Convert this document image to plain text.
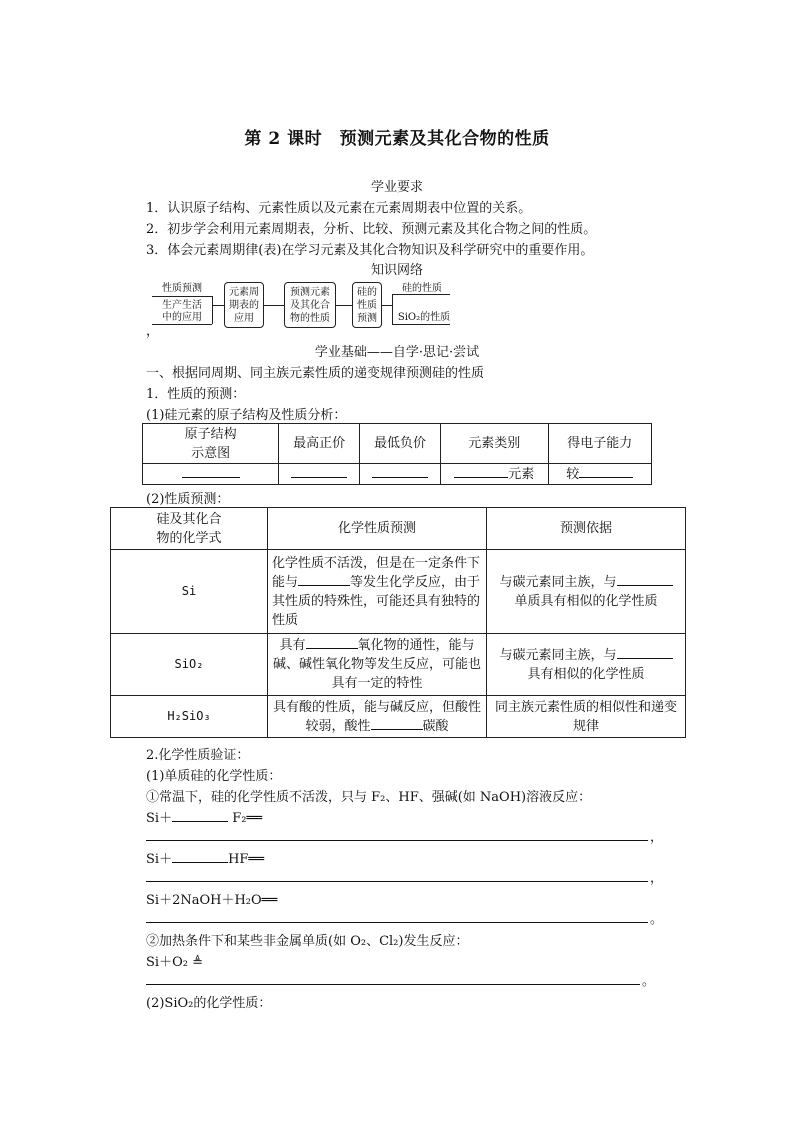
第 2 课时　预测元素及其化合物的性质
学业要求
1．认识原子结构、元素性质以及元素在元素周期表中位置的关系。
2．初步学会利用元素周期表，分析、比较、预测元素及其化合物之间的性质。
3．体会元素周期律(表)在学习元素及其化合物知识及科学研究中的重要作用。
知识网络
性质预测
生产生活
中的应用
元素周
期表的
应用
预测元素
及其化合
物的性质
硅的
性质
预测
硅的性质
SiO₂的性质
，
学业基础——自学·思记·尝试
一、根据同周期、同主族元素性质的递变规律预测硅的性质
1．性质的预测：
(1)硅元素的原子结构及性质分析：
原子结构
示意图	最高正价	最低负价	元素类别	得电子能力
			元素	较
(2)性质预测：
硅及其化合
物的化学式	化学性质预测	预测依据
Si	化学性质不活泼，但是在一定条件下能与 等发生化学反应，由于其性质的特殊性，可能还具有独特的性质	与碳元素同主族，与
单质具有相似的化学性质
SiO₂	具有 氧化物的通性，能与碱、碱性氧化物等发生反应，可能也具有一定的特性	与碳元素同主族，与
具有相似的化学性质
H₂SiO₃	具有酸的性质，能与碱反应，但酸性较弱，酸性 碳酸	同主族元素性质的相似性和递变规律
2.化学性质验证：
(1)单质硅的化学性质：
①常温下，硅的化学性质不活泼，只与 F₂、HF、强碱(如 NaOH)溶液反应：
Si＋	F₂══
，
Si＋	HF══
，
Si＋2NaOH＋H₂O══
。
②加热条件下和某些非金属单质(如 O₂、Cl₂)发生反应：
Si＋O₂ ≜
。
(2)SiO₂的化学性质：
